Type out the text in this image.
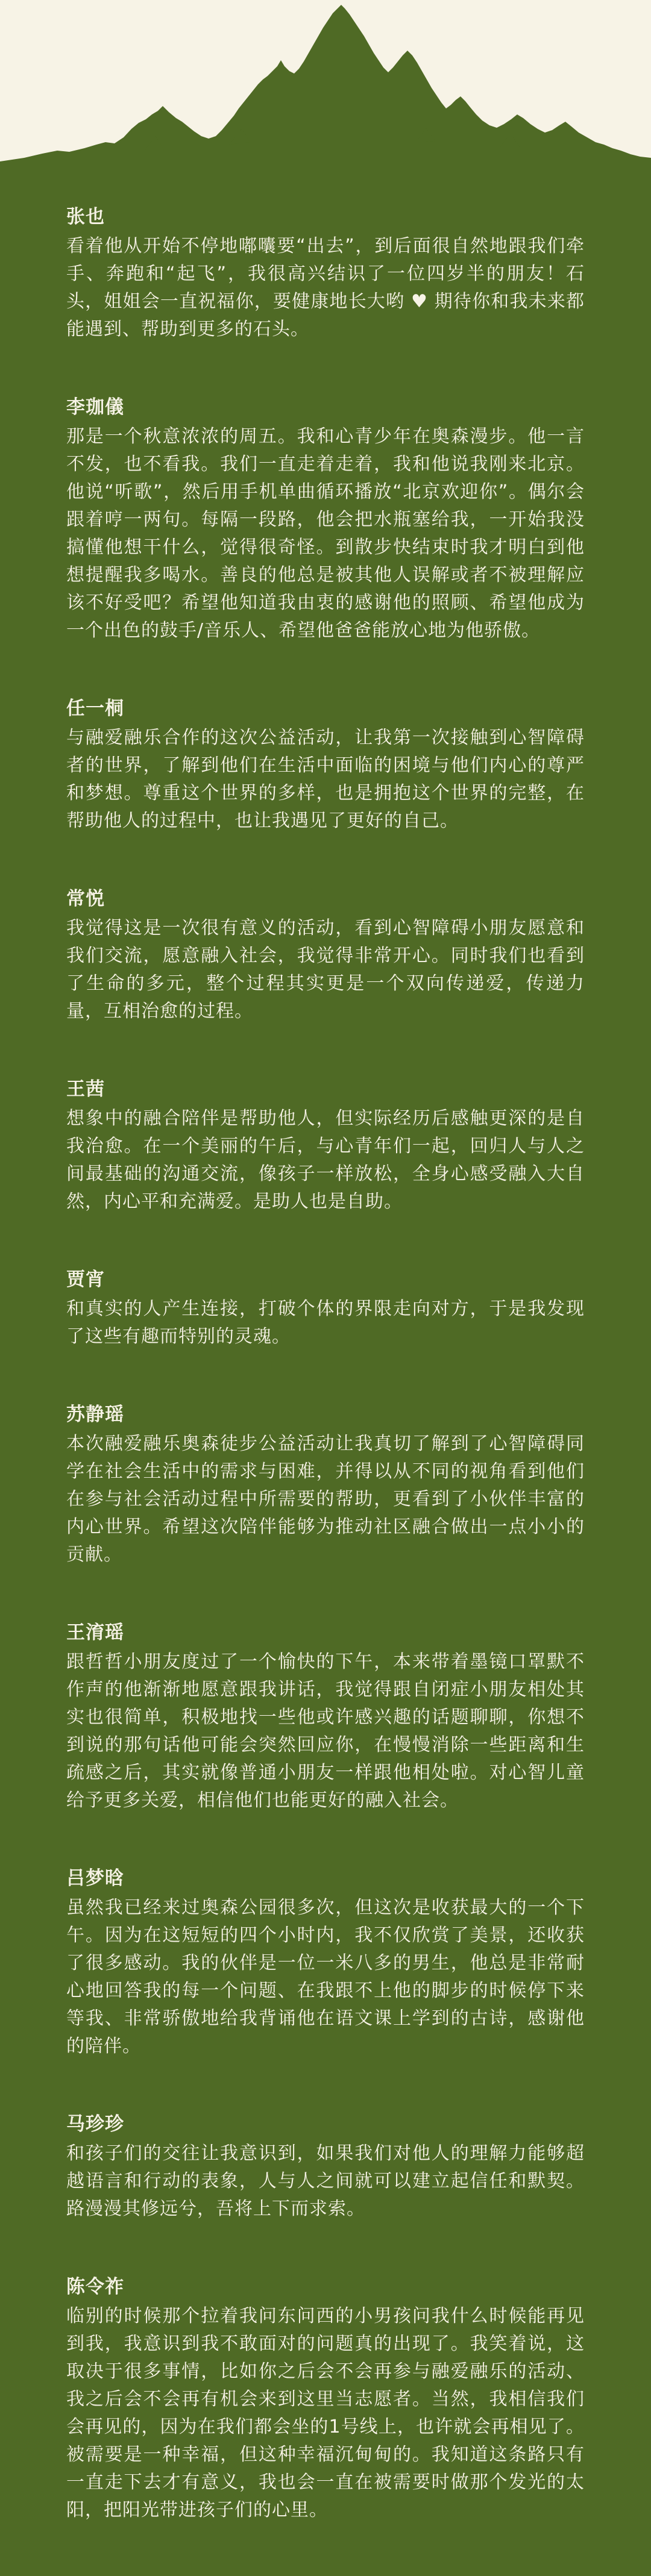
张也
看着他从开始不停地嘟囔要“出去”，到后面很自然地跟我们牵手、奔跑和“起飞”，我很高兴结识了一位四岁半的朋友！石头，姐姐会一直祝福你，要健康地长大哟 ♥ 期待你和我未来都能遇到、帮助到更多的石头。
李珈儀
那是一个秋意浓浓的周五。我和心青少年在奥森漫步。他一言不发，也不看我。我们一直走着走着，我和他说我刚来北京。他说“听歌”，然后用手机单曲循环播放“北京欢迎你”。偶尔会跟着哼一两句。每隔一段路，他会把水瓶塞给我，一开始我没搞懂他想干什么，觉得很奇怪。到散步快结束时我才明白到他想提醒我多喝水。善良的他总是被其他人误解或者不被理解应该不好受吧？希望他知道我由衷的感谢他的照顾、希望他成为一个出色的鼓手/音乐人、希望他爸爸能放心地为他骄傲。
任一桐
与融爱融乐合作的这次公益活动，让我第一次接触到心智障碍者的世界，了解到他们在生活中面临的困境与他们内心的尊严和梦想。尊重这个世界的多样，也是拥抱这个世界的完整，在帮助他人的过程中，也让我遇见了更好的自己。
常悦
我觉得这是一次很有意义的活动，看到心智障碍小朋友愿意和我们交流，愿意融入社会，我觉得非常开心。同时我们也看到了生命的多元，整个过程其实更是一个双向传递爱，传递力量，互相治愈的过程。
王茜
想象中的融合陪伴是帮助他人，但实际经历后感触更深的是自我治愈。在一个美丽的午后，与心青年们一起，回归人与人之间最基础的沟通交流，像孩子一样放松，全身心感受融入大自然，内心平和充满爱。是助人也是自助。
贾宵
和真实的人产生连接，打破个体的界限走向对方，于是我发现了这些有趣而特别的灵魂。
苏静瑶
本次融爱融乐奥森徒步公益活动让我真切了解到了心智障碍同学在社会生活中的需求与困难，并得以从不同的视角看到他们在参与社会活动过程中所需要的帮助，更看到了小伙伴丰富的内心世界。希望这次陪伴能够为推动社区融合做出一点小小的贡献。
王淯瑶
跟哲哲小朋友度过了一个愉快的下午，本来带着墨镜口罩默不作声的他渐渐地愿意跟我讲话，我觉得跟自闭症小朋友相处其实也很简单，积极地找一些他或许感兴趣的话题聊聊，你想不到说的那句话他可能会突然回应你，在慢慢消除一些距离和生疏感之后，其实就像普通小朋友一样跟他相处啦。对心智儿童给予更多关爱，相信他们也能更好的融入社会。
吕梦晗
虽然我已经来过奥森公园很多次，但这次是收获最大的一个下午。因为在这短短的四个小时内，我不仅欣赏了美景，还收获了很多感动。我的伙伴是一位一米八多的男生，他总是非常耐心地回答我的每一个问题、在我跟不上他的脚步的时候停下来等我、非常骄傲地给我背诵他在语文课上学到的古诗，感谢他的陪伴。
马珍珍
和孩子们的交往让我意识到，如果我们对他人的理解力能够超越语言和行动的表象，人与人之间就可以建立起信任和默契。路漫漫其修远兮，吾将上下而求索。
陈令祚
临别的时候那个拉着我问东问西的小男孩问我什么时候能再见到我，我意识到我不敢面对的问题真的出现了。我笑着说，这取决于很多事情，比如你之后会不会再参与融爱融乐的活动、我之后会不会再有机会来到这里当志愿者。当然，我相信我们会再见的，因为在我们都会坐的1号线上，也许就会再相见了。被需要是一种幸福，但这种幸福沉甸甸的。我知道这条路只有一直走下去才有意义，我也会一直在被需要时做那个发光的太阳，把阳光带进孩子们的心里。
